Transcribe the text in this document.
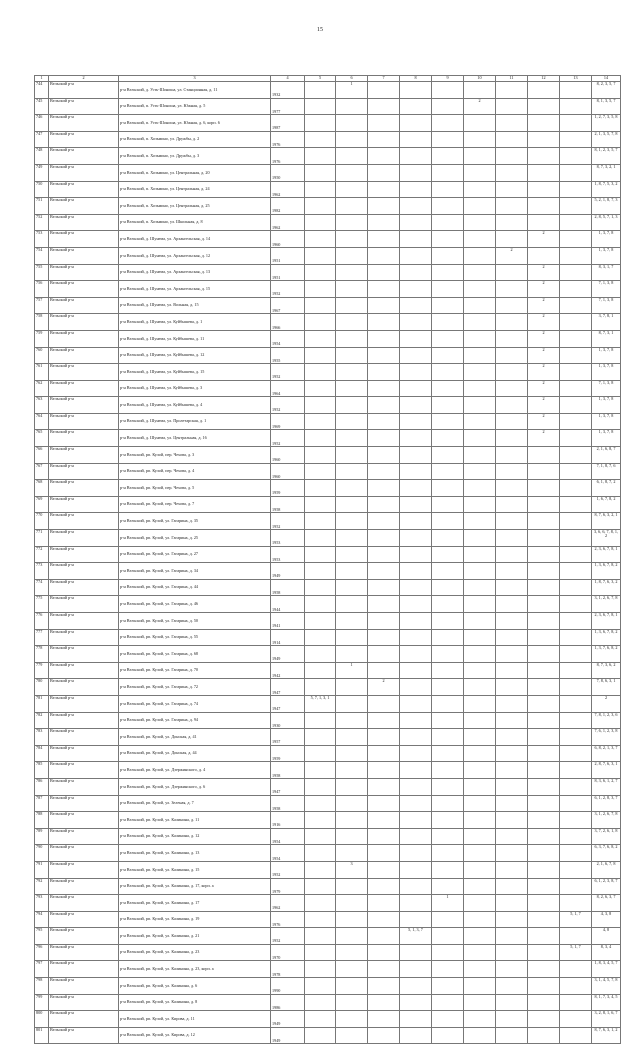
15
1	2	3	4	5	6	7	8	9	10	11	12	13	14
744	Вельский р-н	р-н Вельский, д. Усть-Шоноша, ул. Станционная, д. 11	1932		1								8, 2, 3, 5, 7
745	Вельский р-н	р-н Вельский, п. Усть-Шоноша, ул. Южная, д. 5	1977						2				8, 1, 3, 5, 7
746	Вельский р-н	р-н Вельский, п. Усть-Шоноша, ул. Южная, д. 6, корп. 6	1987										1, 2, 7, 3, 5, 8
747	Вельский р-н	р-н Вельский, п. Хозьмино, ул. Дружбы, д. 2	1976										2, 1, 3, 5, 7, 8
748	Вельский р-н	р-н Вельский, п. Хозьмино, ул. Дружбы, д. 3	1976										8, 1, 2, 3, 5, 7
749	Вельский р-н	р-н Вельский, п. Хозьмино, ул. Центральная, д. 20	1950										8, 7, 3, 2, 1
750	Вельский р-н	р-н Вельский, п. Хозьмино, ул. Центральная, д. 24	1962										1, 8, 7, 5, 3, 2
751	Вельский р-н	р-н Вельский, п. Хозьмино, ул. Центральная, д. 25	1982										5, 2, 1, 8, 7, 3
752	Вельский р-н	р-н Вельский, п. Хозьмино, ул. Школьная, д. 8	1962										2, 8, 5, 7, 1, 3
753	Вельский р-н	р-н Вельский, д. Шунема, ул. Архангельская, д. 14	1960								2		1, 3, 7, 8
754	Вельский р-н	р-н Вельский, д. Шунема, ул. Архангельская, д. 12	1951							2			1, 3, 7, 8
755	Вельский р-н	р-н Вельский, д. Шунема, ул. Архангельская, д. 13	1951								2		8, 3, 1, 7
756	Вельский р-н	р-н Вельский, д. Шунема, ул. Архангельская, д. 15	1952								2		7, 1, 3, 8
757	Вельский р-н	р-н Вельский, д. Шунема, ул. Вольная, д. 15	1967								2		7, 1, 3, 8
758	Вельский р-н	р-н Вельский, д. Шунема, ул. Куйбышева, д. 1	1966								2		3, 7, 8, 1
759	Вельский р-н	р-н Вельский, д. Шунема, ул. Куйбышева, д. 11	1954								2		8, 7, 3, 1
760	Вельский р-н	р-н Вельский, д. Шунема, ул. Куйбышева, д. 12	1955								2		1, 3, 7, 8
761	Вельский р-н	р-н Вельский, д. Шунема, ул. Куйбышева, д. 15	1952								2		1, 3, 7, 8
762	Вельский р-н	р-н Вельский, д. Шунема, ул. Куйбышева, д. 3	1964								2		7, 1, 3, 8
763	Вельский р-н	р-н Вельский, д. Шунема, ул. Куйбышева, д. 4	1952								2		1, 3, 7, 8
764	Вельский р-н	р-н Вельский, д. Шунема, ул. Пролетарская, д. 1	1969								2		1, 3, 7, 8
765	Вельский р-н	р-н Вельский, д. Шунема, ул. Центральная, д. 16	1952								2		1, 3, 7, 8
766	Вельский р-н	р-н Вельский, рп. Кулой, пер. Чехова, д. 3	1960										2, 1, 6, 8, 7
767	Вельский р-н	р-н Вельский, рп. Кулой, пер. Чехова, д. 4	1960										7, 1, 8, 7, 6
768	Вельский р-н	р-н Вельский, рп. Кулой, пер. Чехова, д. 5	1959										6, 1, 8, 7, 2
769	Вельский р-н	р-н Вельский, рп. Кулой, пер. Чехова, д. 7	1958										1, 6, 7, 8, 2
770	Вельский р-н	р-н Вельский, рп. Кулой, ул. Гагарина, д. 35	1952										8, 7, 6, 3, 2, 1
771	Вельский р-н	р-н Вельский, рп. Кулой, ул. Гагарина, д. 25	1953										3, 6, 6, 7, 8, 1, 2
772	Вельский р-н	р-н Вельский, рп. Кулой, ул. Гагарина, д. 27	1953										2, 3, 6, 7, 8, 1
773	Вельский р-н	р-н Вельский, рп. Кулой, ул. Гагарина, д. 34	1949										1, 3, 6, 7, 8, 2
774	Вельский р-н	р-н Вельский, рп. Кулой, ул. Гагарина, д. 44	1958										1, 8, 7, 6, 3, 2
775	Вельский р-н	р-н Вельский, рп. Кулой, ул. Гагарина, д. 46	1944										3, 1, 2, 6, 7, 8
776	Вельский р-н	р-н Вельский, рп. Кулой, ул. Гагарина, д. 50	1941										2, 3, 6, 7, 8, 1
777	Вельский р-н	р-н Вельский, рп. Кулой, ул. Гагарина, д. 55	1914										1, 3, 6, 7, 8, 2
778	Вельский р-н	р-н Вельский, рп. Кулой, ул. Гагарина, д. 68	1949										1, 3, 7, 6, 8, 2
779	Вельский р-н	р-н Вельский, рп. Кулой, ул. Гагарина, д. 70	1942		1								8, 7, 3, 6, 2
780	Вельский р-н	р-н Вельский, рп. Кулой, ул. Гагарина, д. 72	1947			2							7, 8, 6, 3, 1
781	Вельский р-н	р-н Вельский, рп. Кулой, ул. Гагарина, д. 74	1947	5, 7, 1, 3, 1									2
782	Вельский р-н	р-н Вельский, рп. Кулой, ул. Гагарина, д. 94	1930										7, 8, 1, 2, 3, 6
783	Вельский р-н	р-н Вельский, рп. Кулой, ул. Донская, д. 41	1957										7, 6, 1, 2, 3, 8
784	Вельский р-н	р-н Вельский, рп. Кулой, ул. Донская, д. 44	1959										6, 8, 2, 1, 3, 7
785	Вельский р-н	р-н Вельский, рп. Кулой, ул. Дзержинского, д. 4	1958										2, 8, 7, 6, 3, 1
786	Вельский р-н	р-н Вельский, рп. Кулой, ул. Дзержинского, д. 6	1947										8, 3, 6, 1, 2, 7
787	Вельский р-н	р-н Вельский, рп. Кулой, ул. Зеленая, д. 7	1958										6, 1, 2, 8, 3, 7
788	Вельский р-н	р-н Вельский, рп. Кулой, ул. Калинина, д. 11	1916										3, 1, 2, 6, 7, 8
789	Вельский р-н	р-н Вельский, рп. Кулой, ул. Калинина, д. 12	1954										3, 7, 2, 6, 1, 8
790	Вельский р-н	р-н Вельский, рп. Кулой, ул. Калинина, д. 13	1954										6, 3, 7, 6, 8, 2
791	Вельский р-н	р-н Вельский, рп. Кулой, ул. Калинина, д. 15	1952		3								2, 1, 6, 7, 8
792	Вельский р-н	р-н Вельский, рп. Кулой, ул. Калинина, д. 17, корп. а	1979										6, 1, 2, 3, 8, 7
793	Вельский р-н	р-н Вельский, рп. Кулой, ул. Калинина, д. 17	1962					1					8, 2, 6, 3, 7
794	Вельский р-н	р-н Вельский, рп. Кулой, ул. Калинина, д. 19	1976									5, 1, 7	4, 3, 8
795	Вельский р-н	р-н Вельский, рп. Кулой, ул. Калинина, д. 21	1952				5, 1, 3, 7						4, 8
796	Вельский р-н	р-н Вельский, рп. Кулой, ул. Калинина, д. 23	1970									5, 1, 7	8, 3, 4
797	Вельский р-н	р-н Вельский, рп. Кулой, ул. Калинина, д. 23, корп. а	1978										1, 8, 3, 4, 5, 7
798	Вельский р-н	р-н Вельский, рп. Кулой, ул. Калинина, д. 6	1990										3, 1, 4, 5, 7, 8
799	Вельский р-н	р-н Вельский, рп. Кулой, ул. Калинина, д. 8	1986										8, 1, 7, 3, 4, 5
800	Вельский р-н	р-н Вельский, рп. Кулой, ул. Кирова, д. 11	1949										3, 2, 8, 1, 6, 7
801	Вельский р-н	р-н Вельский, рп. Кулой, ул. Кирова, д. 12	1949										8, 7, 6, 3, 1, 2
